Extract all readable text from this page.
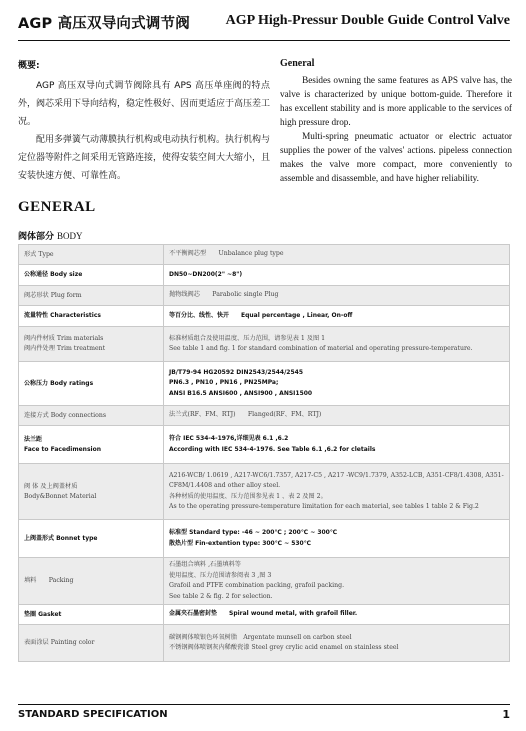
AGP 高压双导向式调节阀	AGP High-Pressur Double Guide Control Valve
概要:

AGP 高压双导向式调节阀除具有 APS 高压单座阀的特点外，阀芯采用下导向结构，稳定性极好、因而更适应于高压差工况。

配用多弹簧气动薄膜执行机构或电动执行机构。执行机构与定位器等附件之间采用无管路连接，使得安装空间大大缩小，且安装快速方便、可靠性高。

General

Besides owning the same features as APS valve has, the valve is characterized by unique bottom-guide. Therefore it has excellent stability and is more applicable to the services of high pressure drop.

Multi-spring pneumatic actuator or electric actuator supplies the power of the valves' actions. pipeless connection makes the valve more compact, more conveniently to assemble and disassemble, and have higher reliability.

GENERAL
阀体部分 BODY
形式 Type	不平衡阀芯型　　Unbalance plug type

公称通径 Body size	DN50~DN200(2" ~8")

阀芯形状 Plug form	抛物线阀芯　　Parabolic single Plug

流量特性 Characteristics	等百分比、线性、快开　　Equal percentage , Linear, On-off

阀内件材质 Trim materials
阀内件处理 Trim treatment	标准材质组合及使用温度、压力范围，请参见表 1 及图 1
See table 1 and fig. 1 for standard combination of material and operating pressure-temperature.

公称压力 Body ratings	JB/T79-94 HG20592 DIN2543/2544/2545
PN6.3 , PN10 , PN16 , PN25MPa;
ANSI B16.5 ANSI600 , ANSI900 , ANSI1500

连接方式 Body connections	法兰式(RF、FM、RTJ)　　Flanged(RF、FM、RTJ)

法兰距
Face to Facedimension	符合 IEC 534-4-1976,详细见表 6.1 ,6.2
According with IEC 534-4-1976. See Table 6.1 ,6.2 for cletails

阀 体 及上阀盖材质
Body&Bonnet Material	A216-WCB/ 1.0619 , A217-WC6/1.7357, A217-C5 , A217 -WC9/1.7379, A352-LCB, A351-CF8/1.4308, A351-CF8M/1.4408 and other alloy steel.
各种材质的使用温度、压力范围参见表 1 、表 2 及图 2。
As to the operating pressure-temperature limitation for each material, see tables 1 table 2 & Fig.2

上阀盖形式 Bonnet type	标准型 Standard type: -46 ~ 200℃ ; 200℃ ~ 300℃
散热片型 Fin-extention type: 300℃ ~ 530℃

填料　　Packing	石墨组合填料 ,石墨填料等
使用温度、压力范围请参阅表 3 ,图 3
Grafoil and PTFE combination packing, grafoil packing.
See table 2 & fig. 2 for selection.

垫圈 Gasket	金属夹石墨密封垫　　Spiral wound metal, with grafoil filler.

表面涂层 Painting color	碳钢阀体喷银色环氧树脂　Argentate munsell on carbon steel
不锈钢阀体喷钢灰内稀酸瓷漆 Steel grey crylic acid enamel on stainless steel
STANDARD SPECIFICATION	1
